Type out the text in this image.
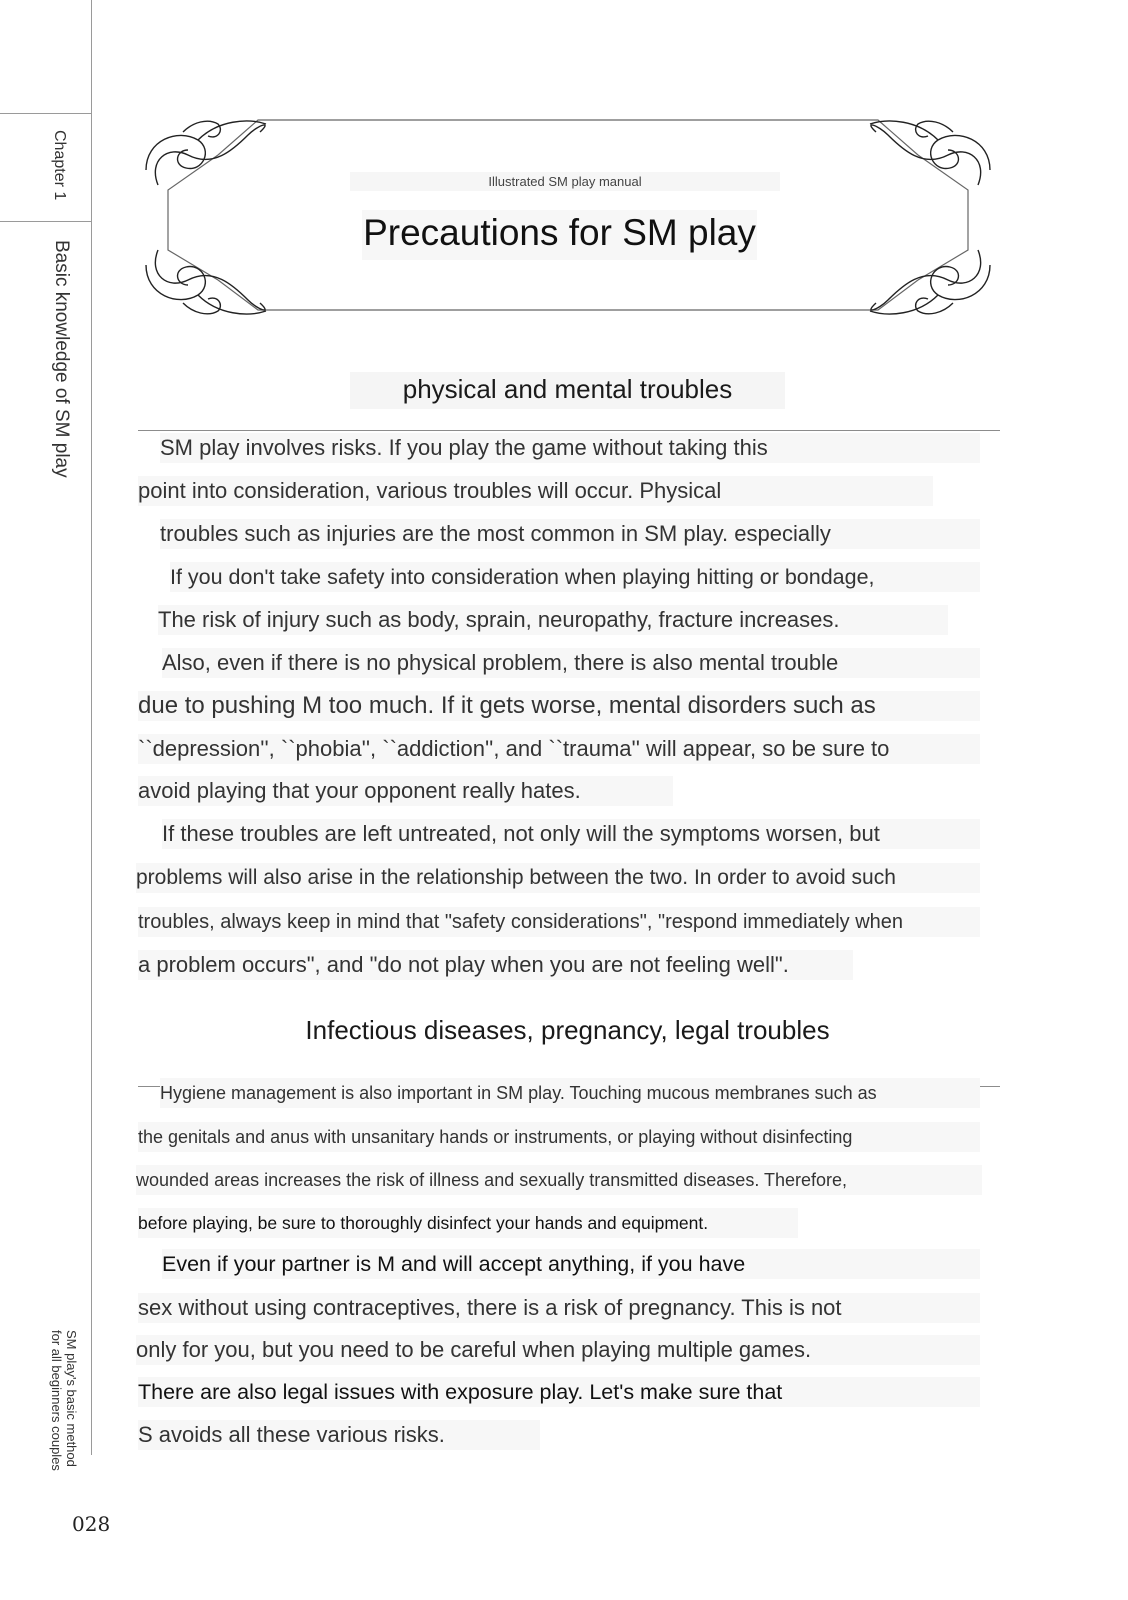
Chapter 1
Basic knowledge of SM play
SM play's basic method
for all beginners couples
Illustrated SM play manual
Precautions for SM play
physical and mental troubles
SM play involves risks. If you play the game without taking this
point into consideration, various troubles will occur. Physical
troubles such as injuries are the most common in SM play. especially
If you don't take safety into consideration when playing hitting or bondage,
The risk of injury such as body, sprain, neuropathy, fracture increases.
Also, even if there is no physical problem, there is also mental trouble
due to pushing M too much. If it gets worse, mental disorders such as
``depression'', ``phobia'', ``addiction'', and ``trauma'' will appear, so be sure to
avoid playing that your opponent really hates.
If these troubles are left untreated, not only will the symptoms worsen, but
problems will also arise in the relationship between the two. In order to avoid such
troubles, always keep in mind that "safety considerations", "respond immediately when
a problem occurs", and "do not play when you are not feeling well".
Infectious diseases, pregnancy, legal troubles
Hygiene management is also important in SM play. Touching mucous membranes such as
the genitals and anus with unsanitary hands or instruments, or playing without disinfecting
wounded areas increases the risk of illness and sexually transmitted diseases. Therefore,
before playing, be sure to thoroughly disinfect your hands and equipment.
Even if your partner is M and will accept anything, if you have
sex without using contraceptives, there is a risk of pregnancy. This is not
only for you, but you need to be careful when playing multiple games.
There are also legal issues with exposure play. Let's make sure that
S avoids all these various risks.
028
